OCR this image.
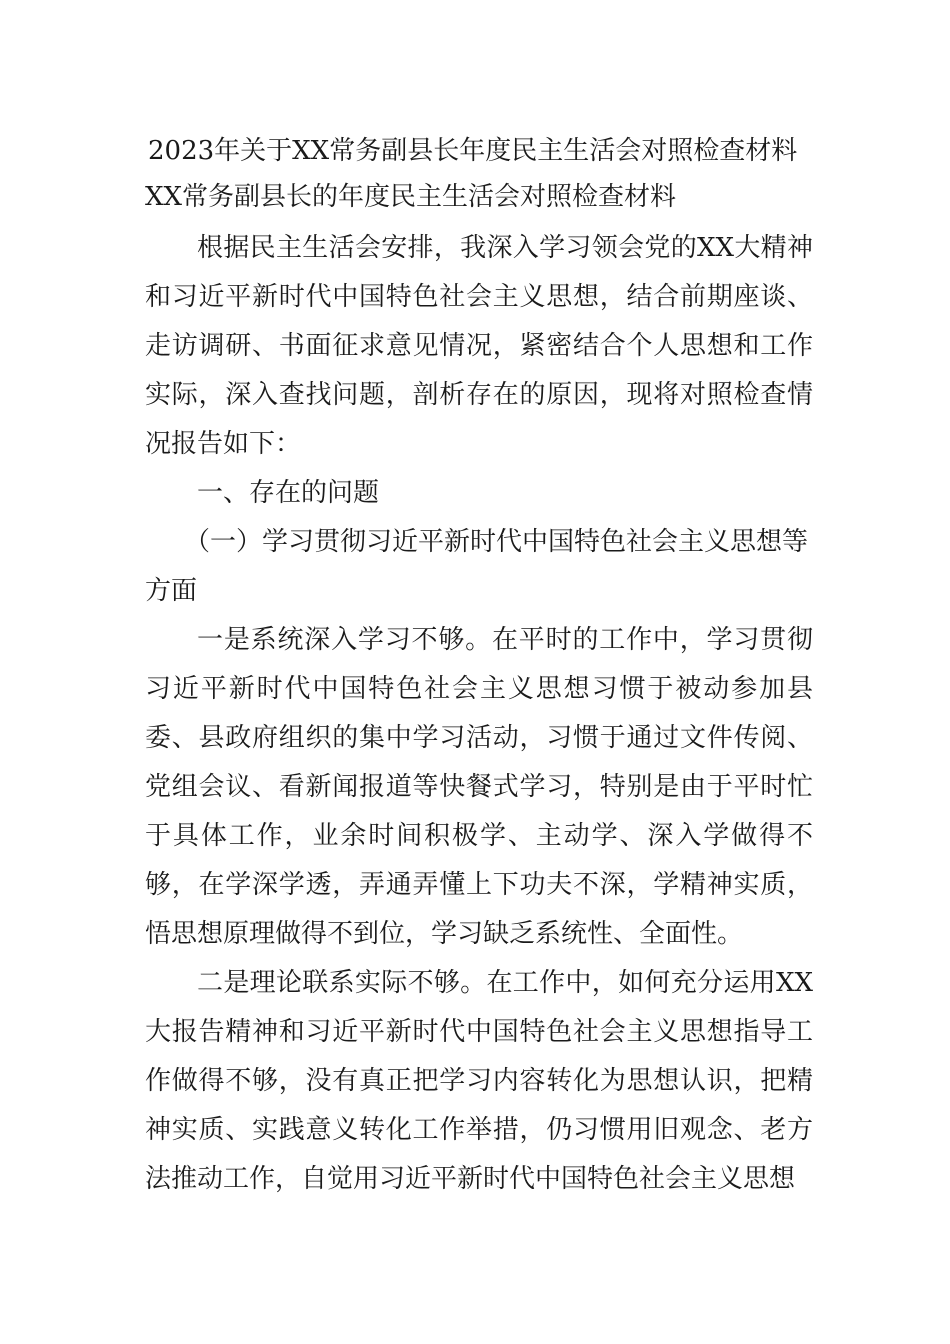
2023年关于XX常务副县长年度民主生活会对照检查材料

XX常务副县长的年度民主生活会对照检查材料

根据民主生活会安排，我深入学习领会党的XX大精神和习近平新时代中国特色社会主义思想，结合前期座谈、走访调研、书面征求意见情况，紧密结合个人思想和工作实际，深入查找问题，剖析存在的原因，现将对照检查情况报告如下：

一、存在的问题

（一）学习贯彻习近平新时代中国特色社会主义思想等方面

一是系统深入学习不够。在平时的工作中，学习贯彻习近平新时代中国特色社会主义思想习惯于被动参加县委、县政府组织的集中学习活动，习惯于通过文件传阅、党组会议、看新闻报道等快餐式学习，特别是由于平时忙于具体工作，业余时间积极学、主动学、深入学做得不够，在学深学透，弄通弄懂上下功夫不深，学精神实质，悟思想原理做得不到位，学习缺乏系统性、全面性。

二是理论联系实际不够。在工作中，如何充分运用XX大报告精神和习近平新时代中国特色社会主义思想指导工作做得不够，没有真正把学习内容转化为思想认识，把精神实质、实践意义转化工作举措，仍习惯用旧观念、老方法推动工作，自觉用习近平新时代中国特色社会主义思想
